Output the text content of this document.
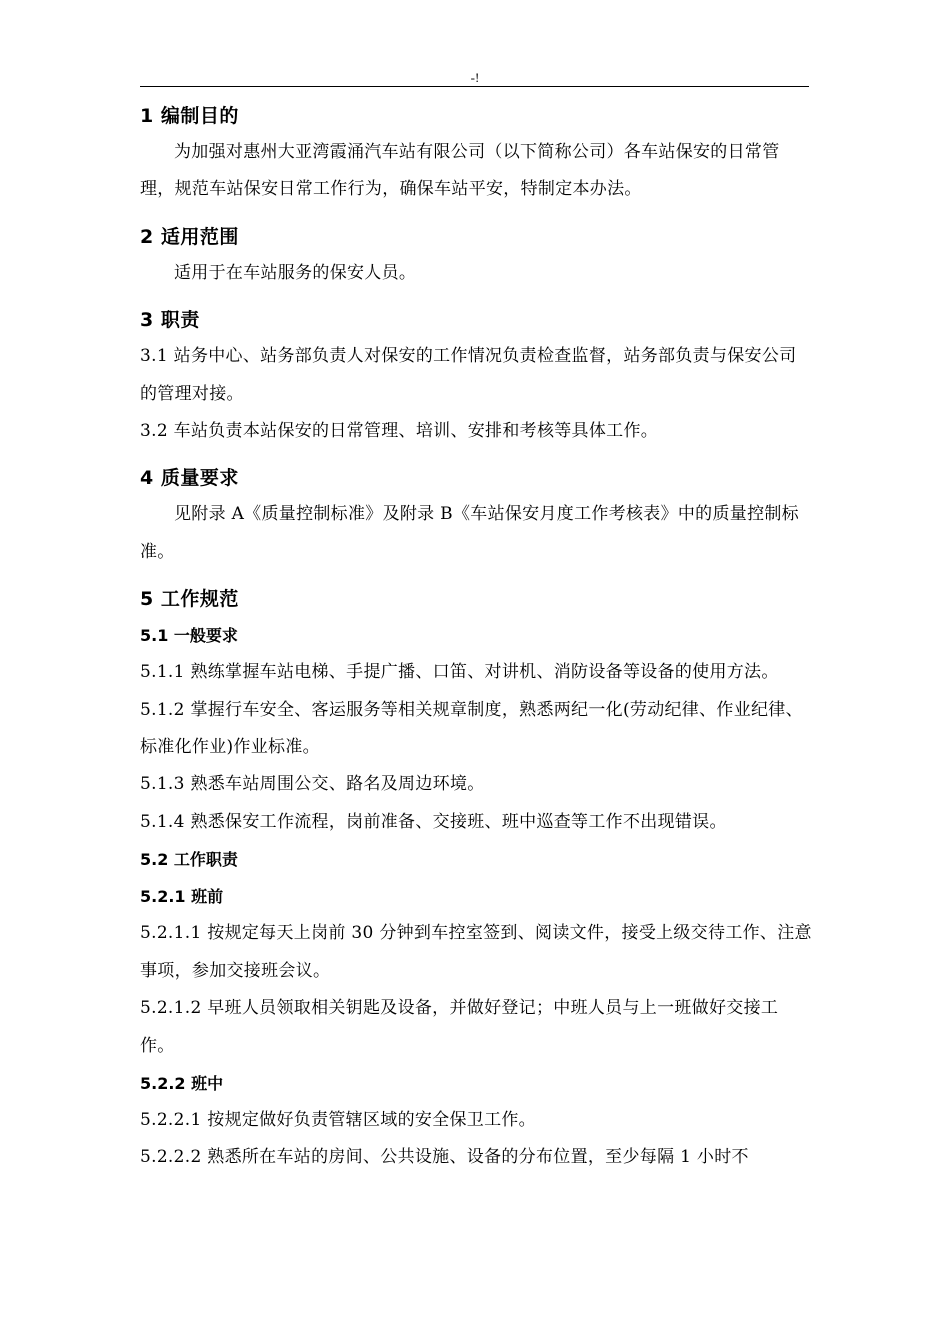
-!
1 编制目的

为加强对惠州大亚湾霞涌汽车站有限公司（以下简称公司）各车站保安的日常管理，规范车站保安日常工作行为，确保车站平安，特制定本办法。

2 适用范围

适用于在车站服务的保安人员。

3 职责

3.1 站务中心、站务部负责人对保安的工作情况负责检查监督，站务部负责与保安公司的管理对接。

3.2 车站负责本站保安的日常管理、培训、安排和考核等具体工作。

4 质量要求

见附录 A《质量控制标准》及附录 B《车站保安月度工作考核表》中的质量控制标准。

5 工作规范
5.1 一般要求

5.1.1 熟练掌握车站电梯、手提广播、口笛、对讲机、消防设备等设备的使用方法。

5.1.2 掌握行车安全、客运服务等相关规章制度，熟悉两纪一化(劳动纪律、作业纪律、标准化作业)作业标准。

5.1.3 熟悉车站周围公交、路名及周边环境。

5.1.4 熟悉保安工作流程，岗前准备、交接班、班中巡查等工作不出现错误。

5.2 工作职责
5.2.1 班前

5.2.1.1 按规定每天上岗前 30 分钟到车控室签到、阅读文件，接受上级交待工作、注意事项，参加交接班会议。

5.2.1.2 早班人员领取相关钥匙及设备，并做好登记；中班人员与上一班做好交接工作。

5.2.2 班中

5.2.2.1 按规定做好负责管辖区域的安全保卫工作。

5.2.2.2 熟悉所在车站的房间、公共设施、设备的分布位置，至少每隔 1 小时不
